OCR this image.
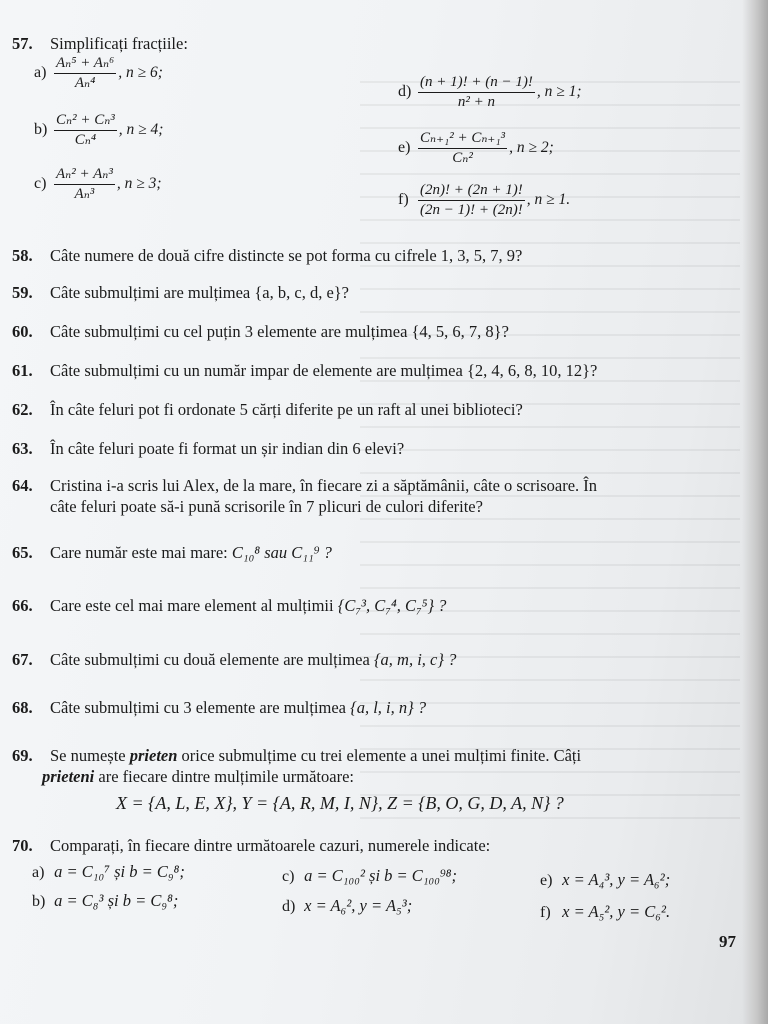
57. Simplificați fracțiile:
$a) \frac{\text{Aₙ⁵ + Aₙ⁶}}{\text{Aₙ⁴}}$ , n ≥ 6;
$b) \frac{\text{Cₙ² + Cₙ³}}{\text{Cₙ⁴}}$ , n ≥ 4;
$c) \frac{\text{Aₙ² + Aₙ³}}{\text{Aₙ³}}$ , n ≥ 3;
$d) \frac{(n + 1)! + (n - 1)!}{\text{n² + n}}$ , n ≥ 1;
$e) \frac{\text{Cₙ₊₁² + Cₙ₊₁³}}{\text{Cₙ²}}$ , n ≥ 2;
$f) \frac{(2n)! + (2n + 1)!}{(2n - 1)! + (2n)!}$ , n ≥ 1.
58. Câte numere de două cifre distincte se pot forma cu cifrele 1, 3, 5, 7, 9?
59. Câte submulțimi are mulțimea {a, b, c, d, e}?
60. Câte submulțimi cu cel puțin 3 elemente are mulțimea {4, 5, 6, 7, 8}?
61. Câte submulțimi cu un număr impar de elemente are mulțimea {2, 4, 6, 8, 10, 12}?
62. În câte feluri pot fi ordonate 5 cărți diferite pe un raft al unei biblioteci?
63. În câte feluri poate fi format un șir indian din 6 elevi?
64. Cristina i-a scris lui Alex, de la mare, în fiecare zi a săptămânii, câte o scrisoare. În
câte feluri poate să-i pună scrisorile în 7 plicuri de culori diferite?
65. Care număr este mai mare: C₁₀⁸ sau C₁₁⁹ ?
66. Care este cel mai mare element al mulțimii {C₇³, C₇⁴, C₇⁵} ?
67. Câte submulțimi cu două elemente are mulțimea {a, m, i, c} ?
68. Câte submulțimi cu 3 elemente are mulțimea {a, l, i, n} ?
69. Se numește prieten orice submulțime cu trei elemente a unei mulțimi finite. Câți
prieteni are fiecare dintre mulțimile următoare:
X = {A, L, E, X}, Y = {A, R, M, I, N}, Z = {B, O, G, D, A, N} ?
70. Comparați, în fiecare dintre următoarele cazuri, numerele indicate:
a) a = C₁₀⁷ și b = C₉⁸;
b) a = C₈³ și b = C₉⁸;
c) a = C₁₀₀² și b = C₁₀₀⁹⁸;
d) x = A₆², y = A₅³;
e) x = A₄³, y = A₆²;
f) x = A₅², y = C₆².
97
